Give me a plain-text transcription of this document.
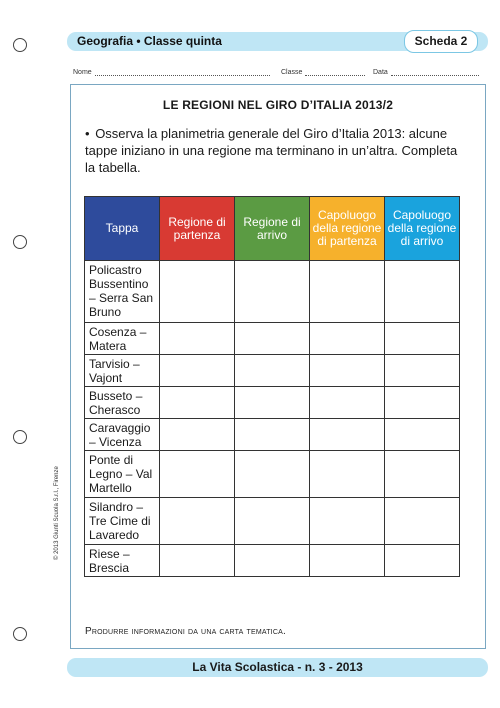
Geografia • Classe quinta	Scheda 2
Nome	Classe	Data
LE REGIONI NEL GIRO D’ITALIA 2013/2
• Osserva la planimetria generale del Giro d’Italia 2013: alcune tappe iniziano in una regione ma terminano in un’altra. Completa la tabella.
Tappa	Regione di partenza	Regione di arrivo	Capoluogo della regione di partenza	Capoluogo della regione di arrivo
Policastro Bussentino – Serra San Bruno				
Cosenza – Matera				
Tarvisio – Vajont				
Busseto – Cherasco				
Caravaggio – Vicenza				
Ponte di Legno – Val Martello				
Silandro – Tre Cime di Lavaredo				
Riese – Brescia				
Produrre informazioni da una carta tematica.
La Vita Scolastica - n. 3 - 2013
© 2013 Giunti Scuola S.r.l., Firenze
